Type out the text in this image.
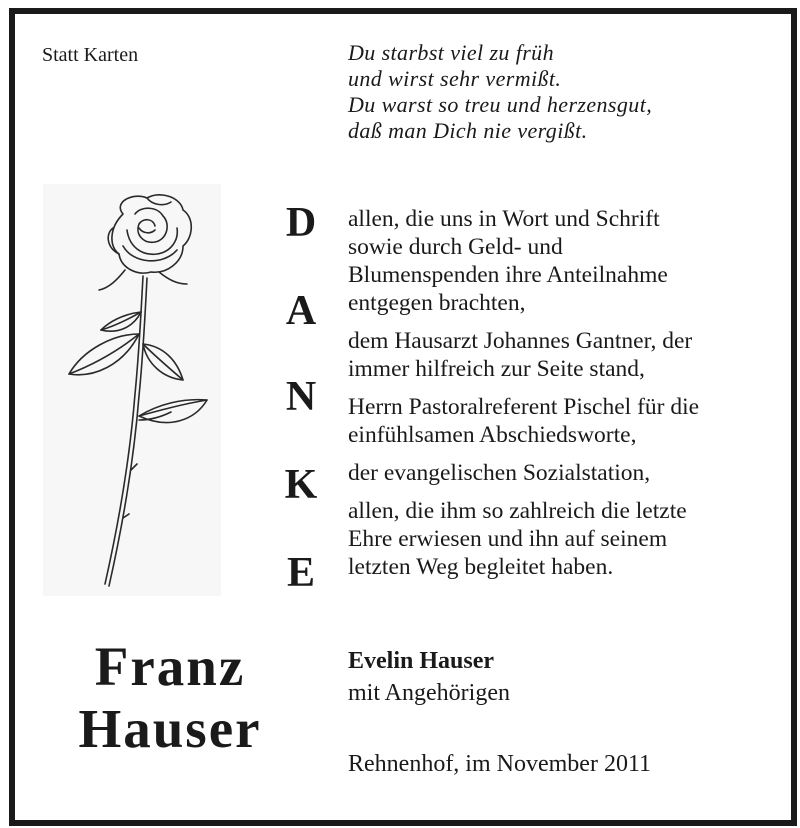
Statt Karten	Du starbst viel zu früh
und wirst sehr vermißt.
Du warst so treu und herzensgut,
daß man Dich nie vergißt.
D
A
N
K
E
allen, die uns in Wort und Schrift
sowie durch Geld- und
Blumenspenden ihre Anteilnahme
entgegen brachten,
dem Hausarzt Johannes Gantner, der
immer hilfreich zur Seite stand,
Herrn Pastoralreferent Pischel für die
einfühlsamen Abschiedsworte,
der evangelischen Sozialstation,
allen, die ihm so zahlreich die letzte
Ehre erwiesen und ihn auf seinem
letzten Weg begleitet haben.
Franz
Hauser
Evelin Hauser
mit Angehörigen
Rehnenhof, im November 2011
